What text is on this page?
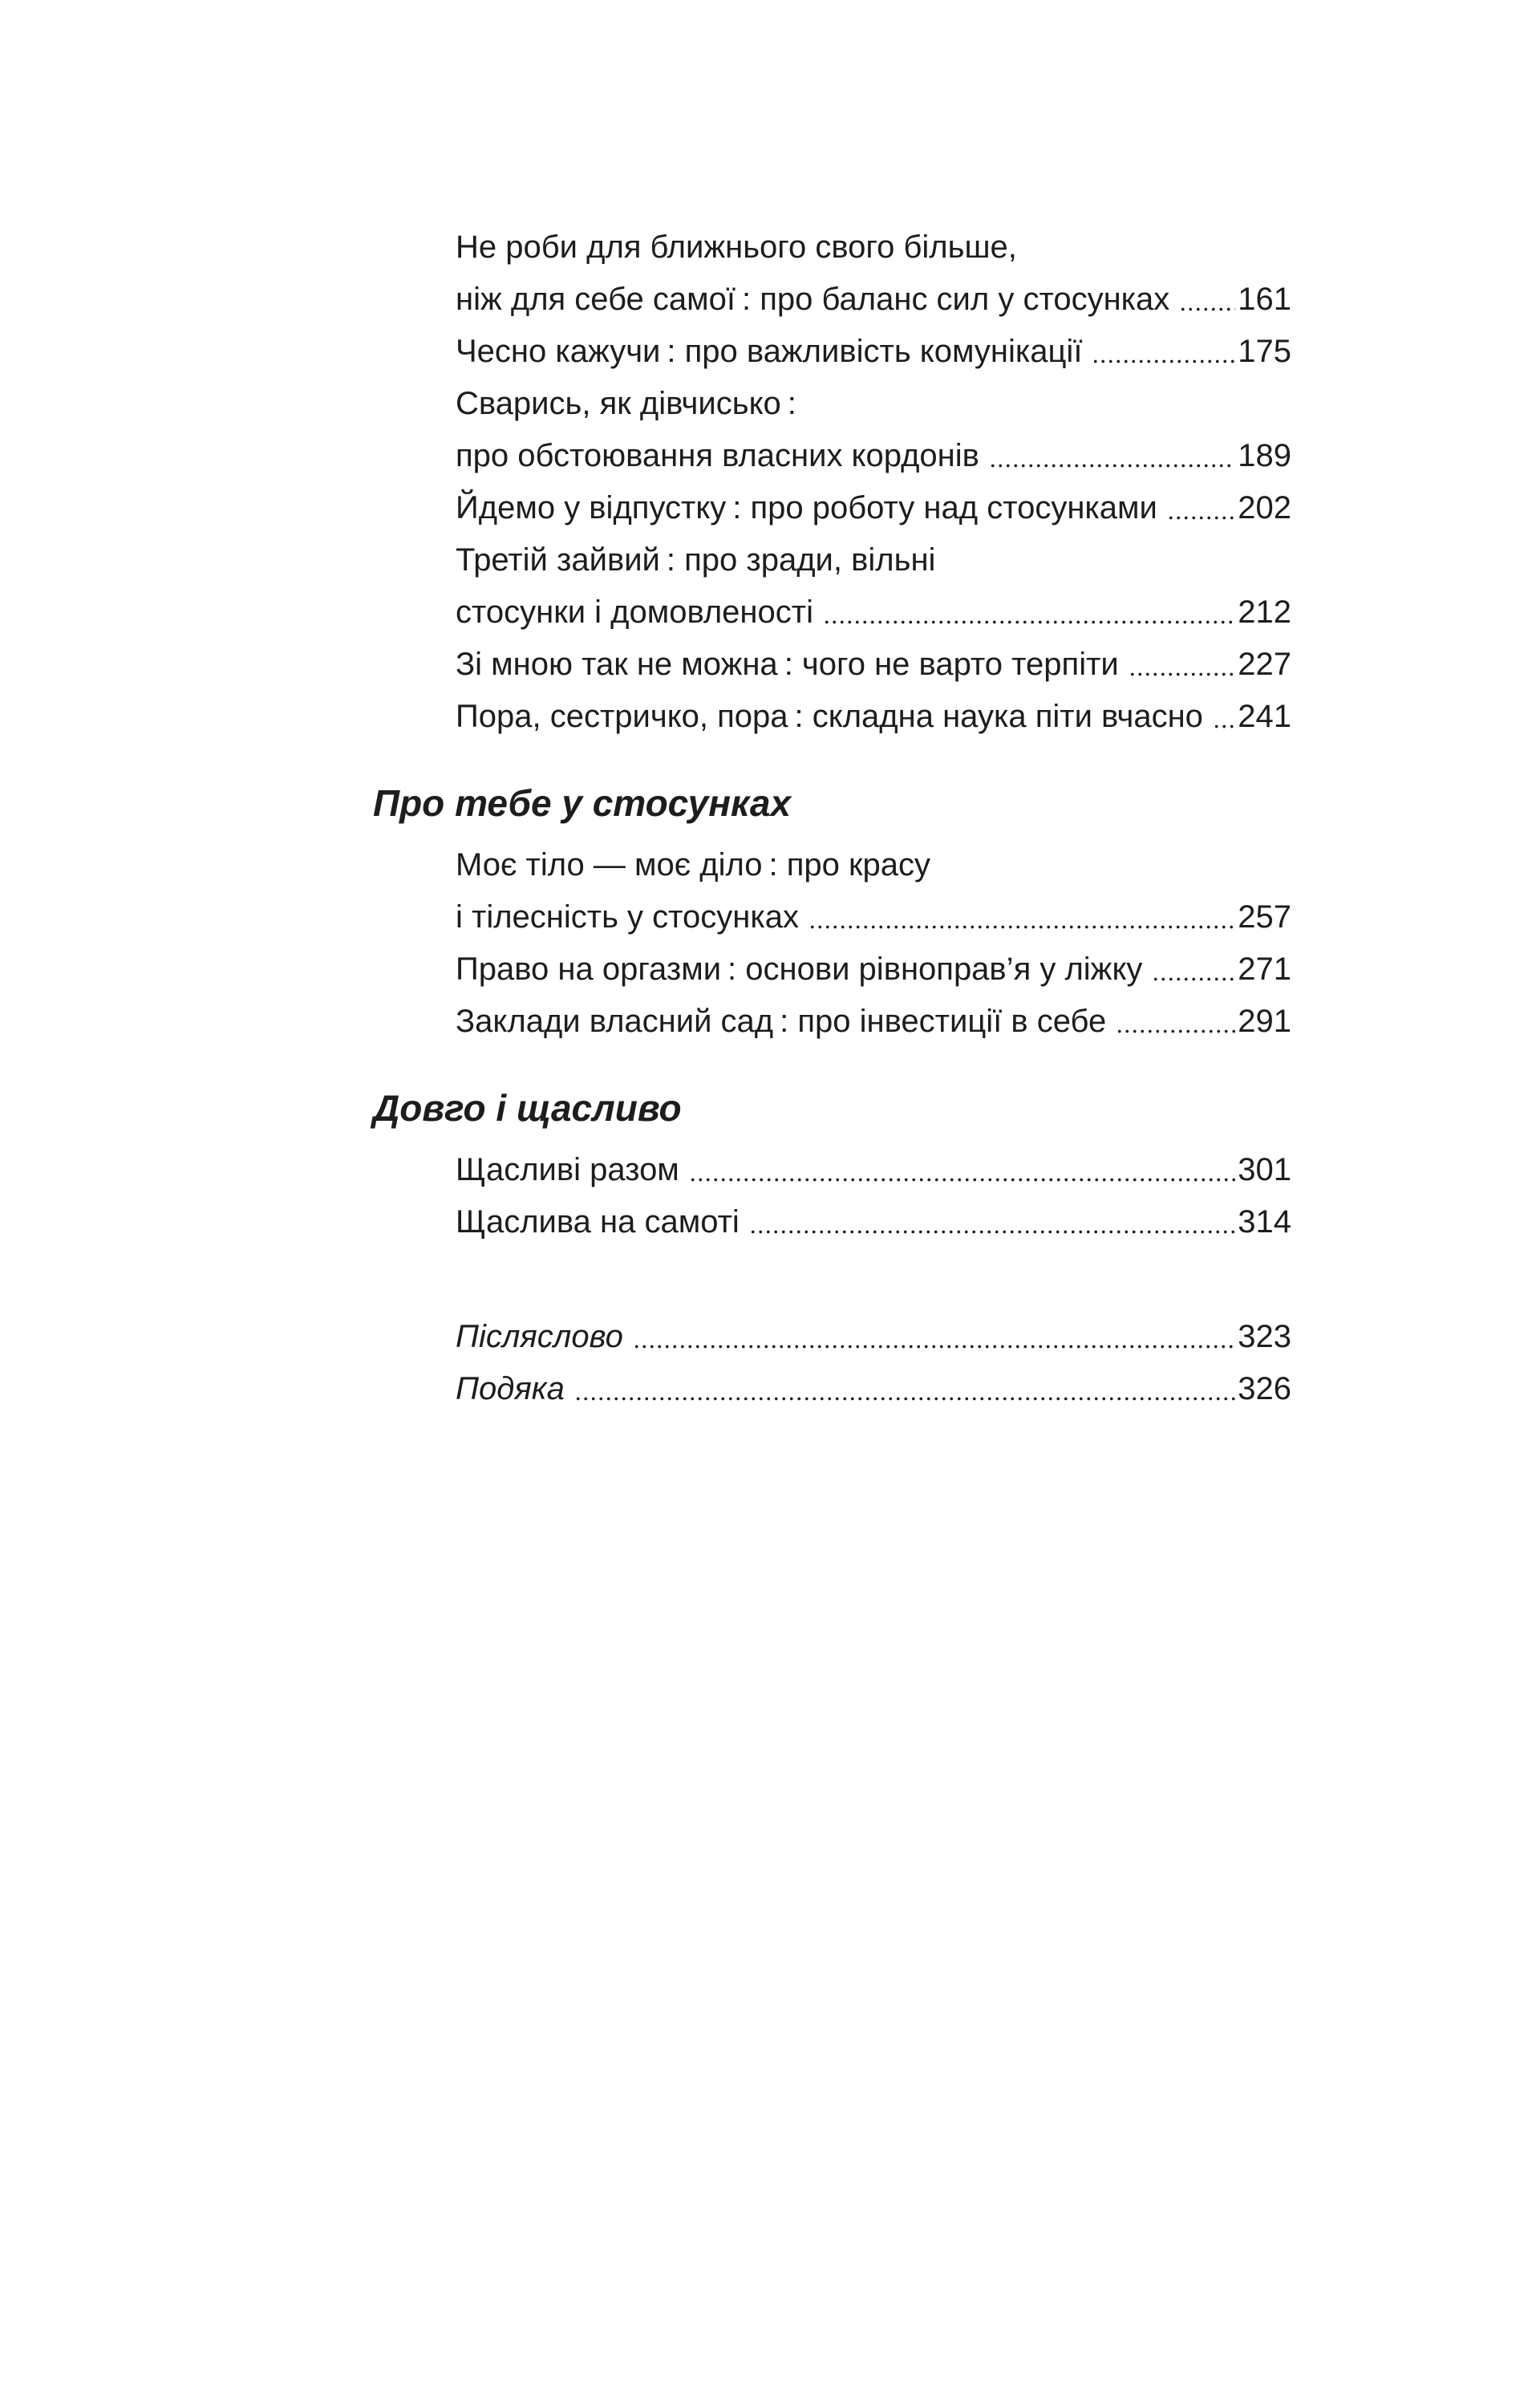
Не роби для ближнього свого більше,
ніж для себе самої : про баланс сил у стосунках 161
Чесно кажучи : про важливість комунікації	175
Сварись, як дівчисько :
про обстоювання власних кордонів	189
Йдемо у відпустку : про роботу над стосунками	202
Третій зайвий : про зради, вільні
стосунки і домовленості	212
Зі мною так не можна : чого не варто терпіти	227
Пора, сестричко, пора : складна наука піти вчасно 241
Про тебе у стосунках
Моє тіло — моє діло : про красу
і тілесність у стосунках	257
Право на оргазми : основи рівноправ’я у ліжку	271
Заклади власний сад : про інвестиції в себе	291
Довго і щасливо
Щасливі разом	301
Щаслива на самоті	314
Післяслово	323
Подяка	326
